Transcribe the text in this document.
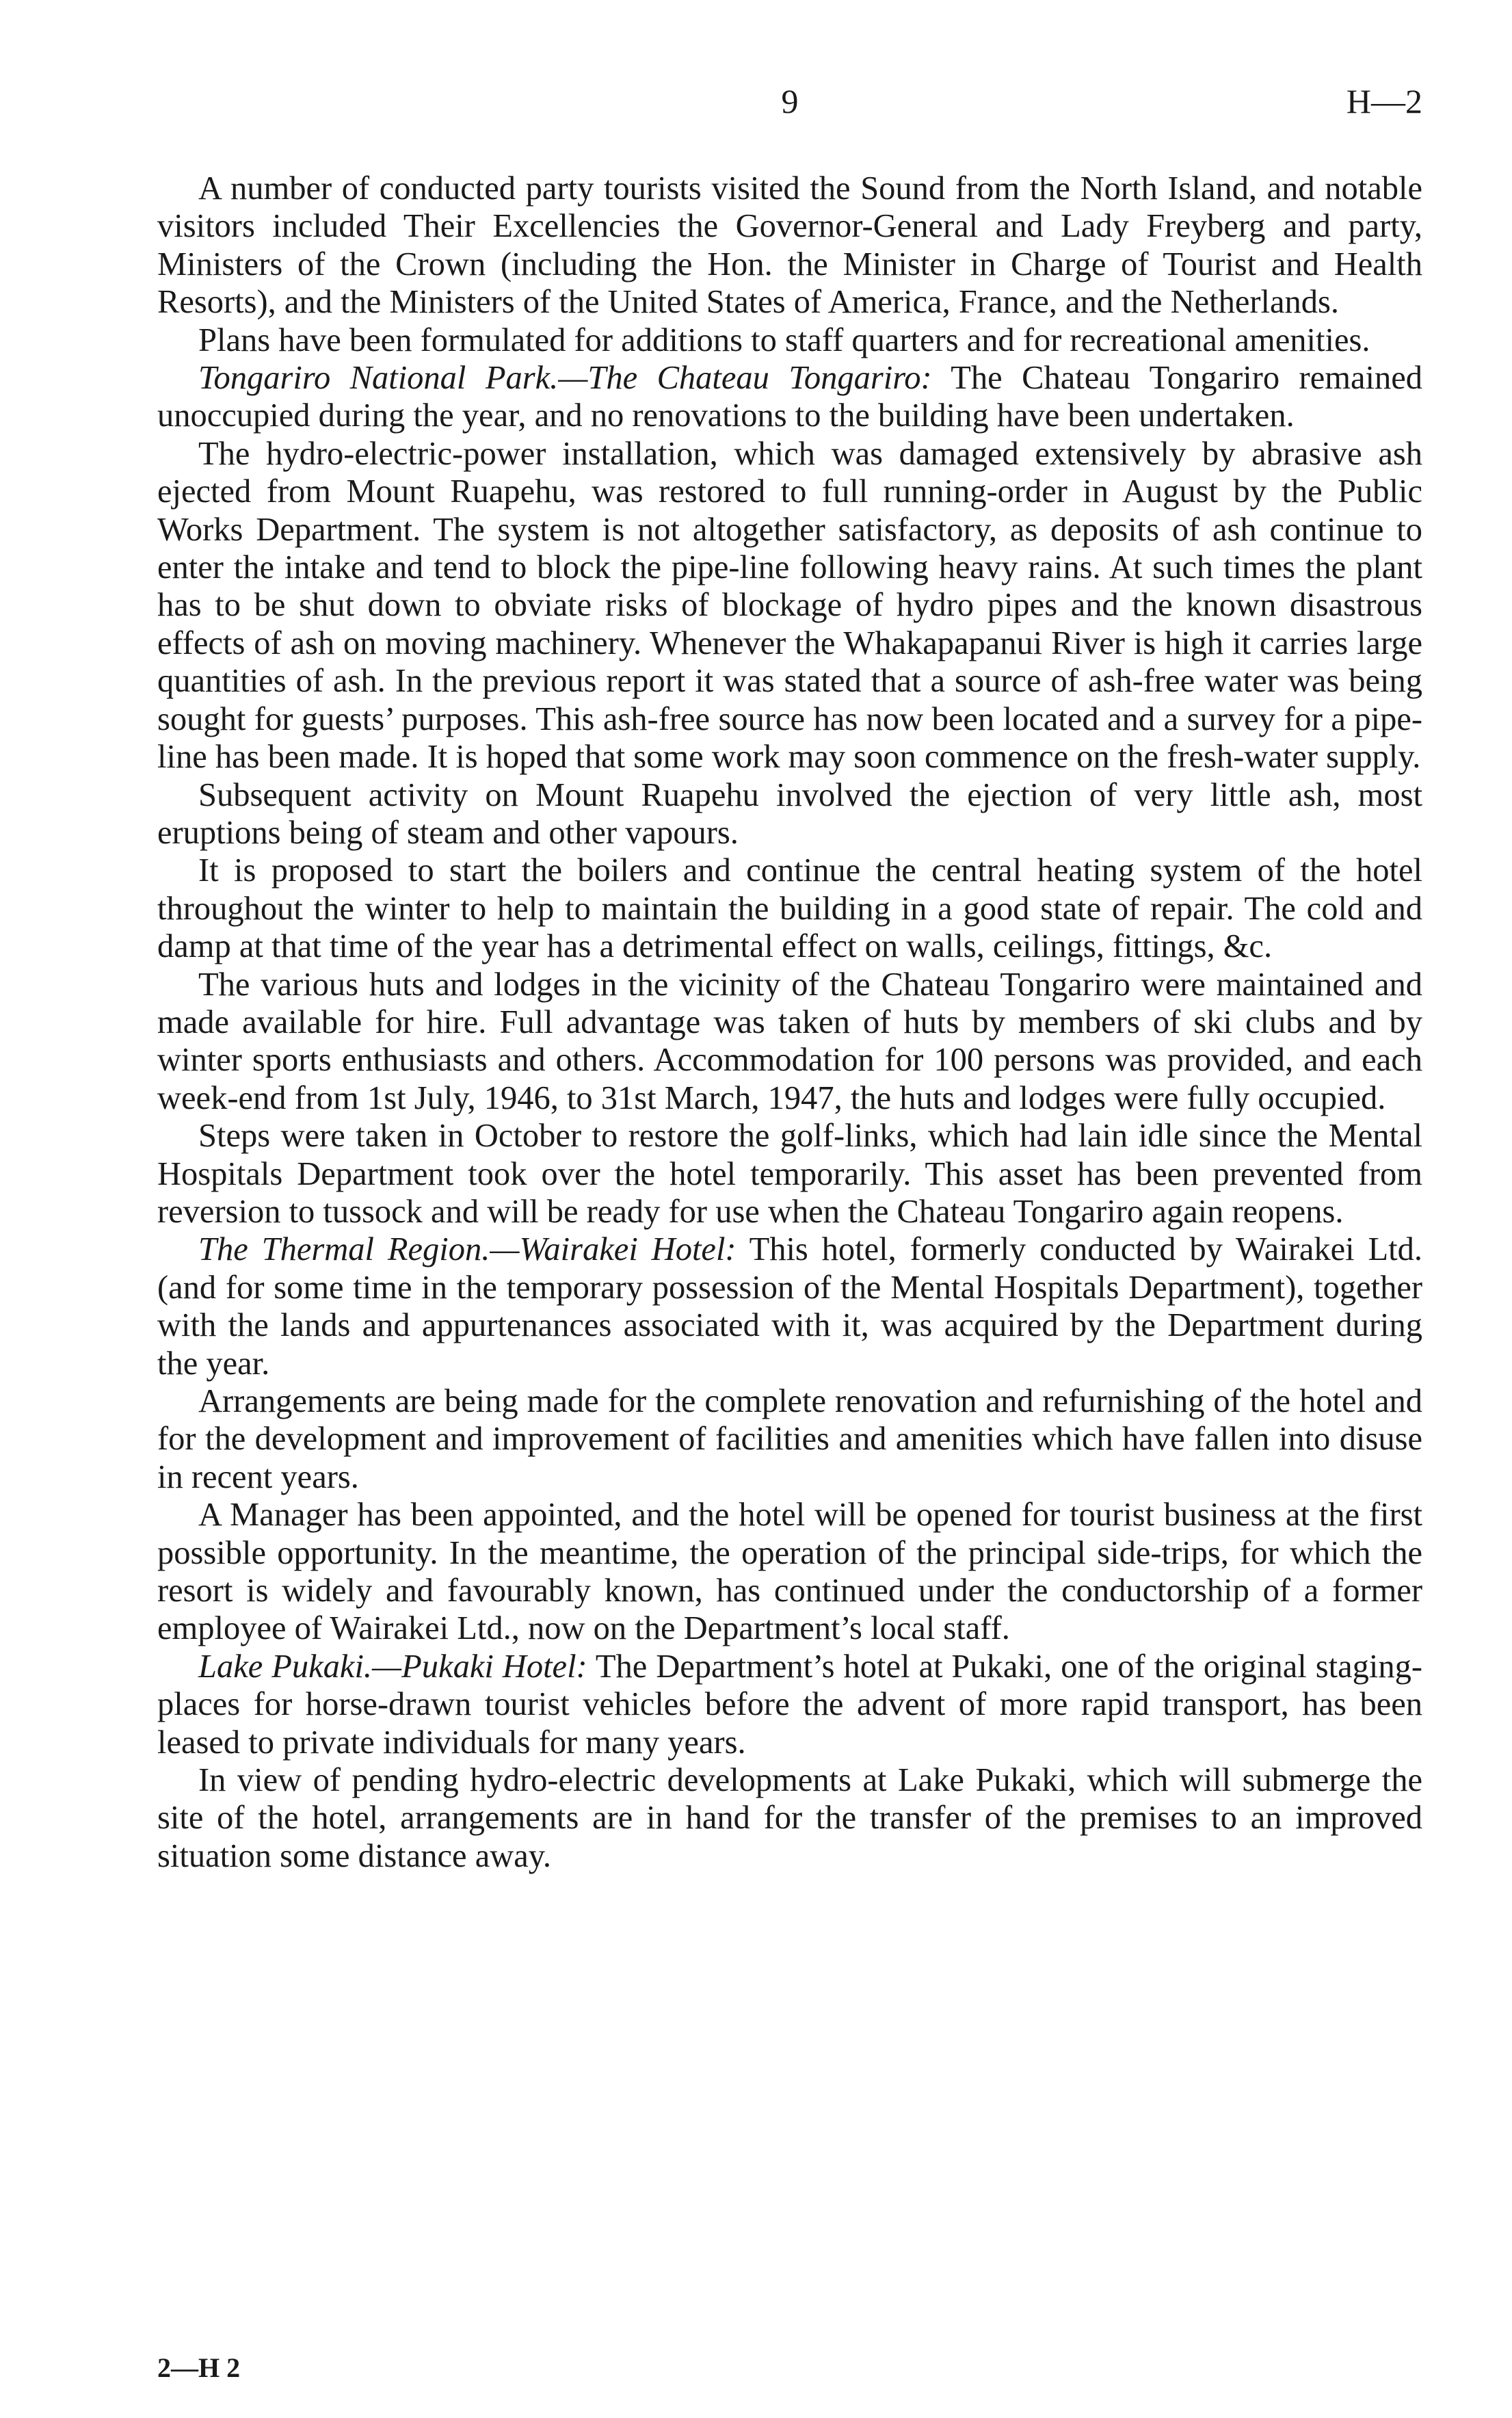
9	H—2

A number of conducted party tourists visited the Sound from the North Island, and notable visitors included Their Excellencies the Governor-General and Lady Freyberg and party, Ministers of the Crown (including the Hon. the Minister in Charge of Tourist and Health Resorts), and the Ministers of the United States of America, France, and the Netherlands.

Plans have been formulated for additions to staff quarters and for recreational amenities.

Tongariro National Park.—The Chateau Tongariro: The Chateau Tongariro remained unoccupied during the year, and no renovations to the building have been undertaken.

The hydro-electric-power installation, which was damaged extensively by abrasive ash ejected from Mount Ruapehu, was restored to full running-order in August by the Public Works Department. The system is not altogether satisfactory, as deposits of ash continue to enter the intake and tend to block the pipe-line following heavy rains. At such times the plant has to be shut down to obviate risks of blockage of hydro pipes and the known disastrous effects of ash on moving machinery. Whenever the Whakapapanui River is high it carries large quantities of ash. In the previous report it was stated that a source of ash-free water was being sought for guests’ purposes. This ash-free source has now been located and a survey for a pipe-line has been made. It is hoped that some work may soon commence on the fresh-water supply.

Subsequent activity on Mount Ruapehu involved the ejection of very little ash, most eruptions being of steam and other vapours.

It is proposed to start the boilers and continue the central heating system of the hotel throughout the winter to help to maintain the building in a good state of repair. The cold and damp at that time of the year has a detrimental effect on walls, ceilings, fittings, &c.

The various huts and lodges in the vicinity of the Chateau Tongariro were maintained and made available for hire. Full advantage was taken of huts by members of ski clubs and by winter sports enthusiasts and others. Accommodation for 100 persons was provided, and each week-end from 1st July, 1946, to 31st March, 1947, the huts and lodges were fully occupied.

Steps were taken in October to restore the golf-links, which had lain idle since the Mental Hospitals Department took over the hotel temporarily. This asset has been prevented from reversion to tussock and will be ready for use when the Chateau Tongariro again reopens.

The Thermal Region.—Wairakei Hotel: This hotel, formerly conducted by Wairakei Ltd. (and for some time in the temporary possession of the Mental Hospitals Department), together with the lands and appurtenances associated with it, was acquired by the Department during the year.

Arrangements are being made for the complete renovation and refurnishing of the hotel and for the development and improvement of facilities and amenities which have fallen into disuse in recent years.

A Manager has been appointed, and the hotel will be opened for tourist business at the first possible opportunity. In the meantime, the operation of the principal side-trips, for which the resort is widely and favourably known, has continued under the conductorship of a former employee of Wairakei Ltd., now on the Department’s local staff.

Lake Pukaki.—Pukaki Hotel: The Department’s hotel at Pukaki, one of the original staging-places for horse-drawn tourist vehicles before the advent of more rapid transport, has been leased to private individuals for many years.

In view of pending hydro-electric developments at Lake Pukaki, which will submerge the site of the hotel, arrangements are in hand for the transfer of the premises to an improved situation some distance away.

2—H 2
